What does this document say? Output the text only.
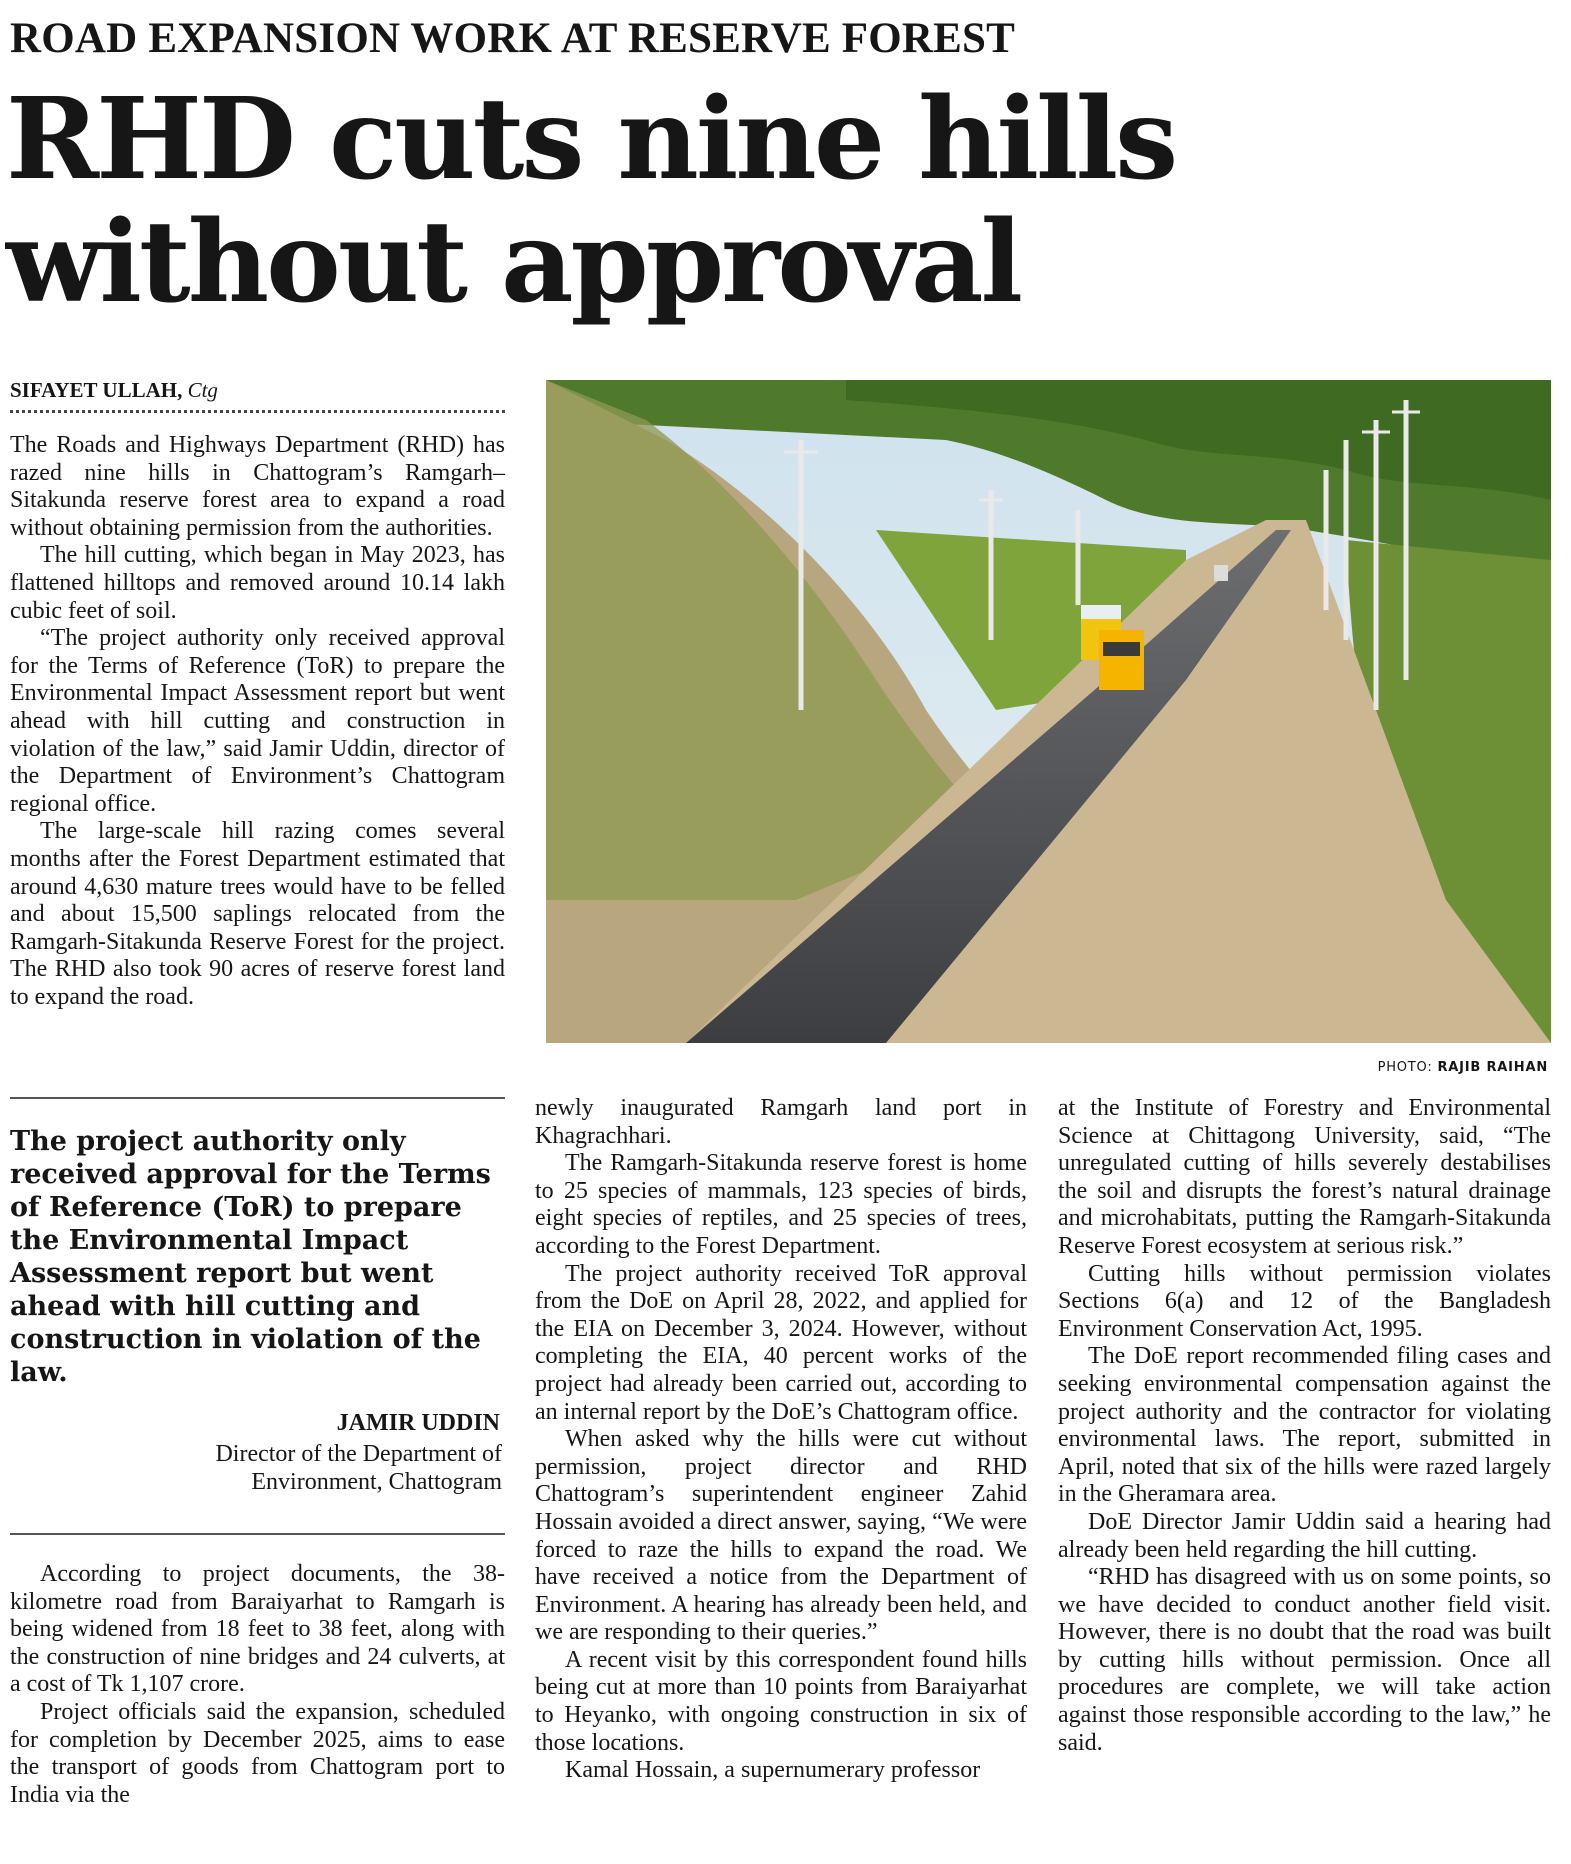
ROAD EXPANSION WORK AT RESERVE FOREST
RHD cuts nine hills
without approval
SIFAYET ULLAH, Ctg

The Roads and Highways Department (RHD) has razed nine hills in Chattogram’s Ramgarh–Sitakunda reserve forest area to expand a road without obtaining permission from the authorities.

The hill cutting, which began in May 2023, has flattened hilltops and removed around 10.14 lakh cubic feet of soil.

“The project authority only received approval for the Terms of Reference (ToR) to prepare the Environmental Impact Assessment report but went ahead with hill cutting and construction in violation of the law,” said Jamir Uddin, director of the Department of Environment’s Chattogram regional office.

The large-scale hill razing comes several months after the Forest Department estimated that around 4,630 mature trees would have to be felled and about 15,500 saplings relocated from the Ramgarh-Sitakunda Reserve Forest for the project. The RHD also took 90 acres of reserve forest land to expand the road.

The project authority only received approval for the Terms of Reference (ToR) to prepare the Environmental Impact Assessment report but went ahead with hill cutting and construction in violation of the law.

JAMIR UDDIN
Director of the Department of Environment, Chattogram

According to project documents, the 38-kilometre road from Baraiyarhat to Ramgarh is being widened from 18 feet to 38 feet, along with the construction of nine bridges and 24 culverts, at a cost of Tk 1,107 crore.

Project officials said the expansion, scheduled for completion by December 2025, aims to ease the transport of goods from Chattogram port to India via the

PHOTO: RAJIB RAIHAN

newly inaugurated Ramgarh land port in Khagrachhari.

The Ramgarh-Sitakunda reserve forest is home to 25 species of mammals, 123 species of birds, eight species of reptiles, and 25 species of trees, according to the Forest Department.

The project authority received ToR approval from the DoE on April 28, 2022, and applied for the EIA on December 3, 2024. However, without completing the EIA, 40 percent works of the project had already been carried out, according to an internal report by the DoE’s Chattogram office.

When asked why the hills were cut without permission, project director and RHD Chattogram’s superintendent engineer Zahid Hossain avoided a direct answer, saying, “We were forced to raze the hills to expand the road. We have received a notice from the Department of Environment. A hearing has already been held, and we are responding to their queries.”

A recent visit by this correspondent found hills being cut at more than 10 points from Baraiyarhat to Heyanko, with ongoing construction in six of those locations.

Kamal Hossain, a supernumerary professor

at the Institute of Forestry and Environmental Science at Chittagong University, said, “The unregulated cutting of hills severely destabilises the soil and disrupts the forest’s natural drainage and microhabitats, putting the Ramgarh-Sitakunda Reserve Forest ecosystem at serious risk.”

Cutting hills without permission violates Sections 6(a) and 12 of the Bangladesh Environment Conservation Act, 1995.

The DoE report recommended filing cases and seeking environmental compensation against the project authority and the contractor for violating environmental laws. The report, submitted in April, noted that six of the hills were razed largely in the Gheramara area.

DoE Director Jamir Uddin said a hearing had already been held regarding the hill cutting.

“RHD has disagreed with us on some points, so we have decided to conduct another field visit. However, there is no doubt that the road was built by cutting hills without permission. Once all procedures are complete, we will take action against those responsible according to the law,” he said.
